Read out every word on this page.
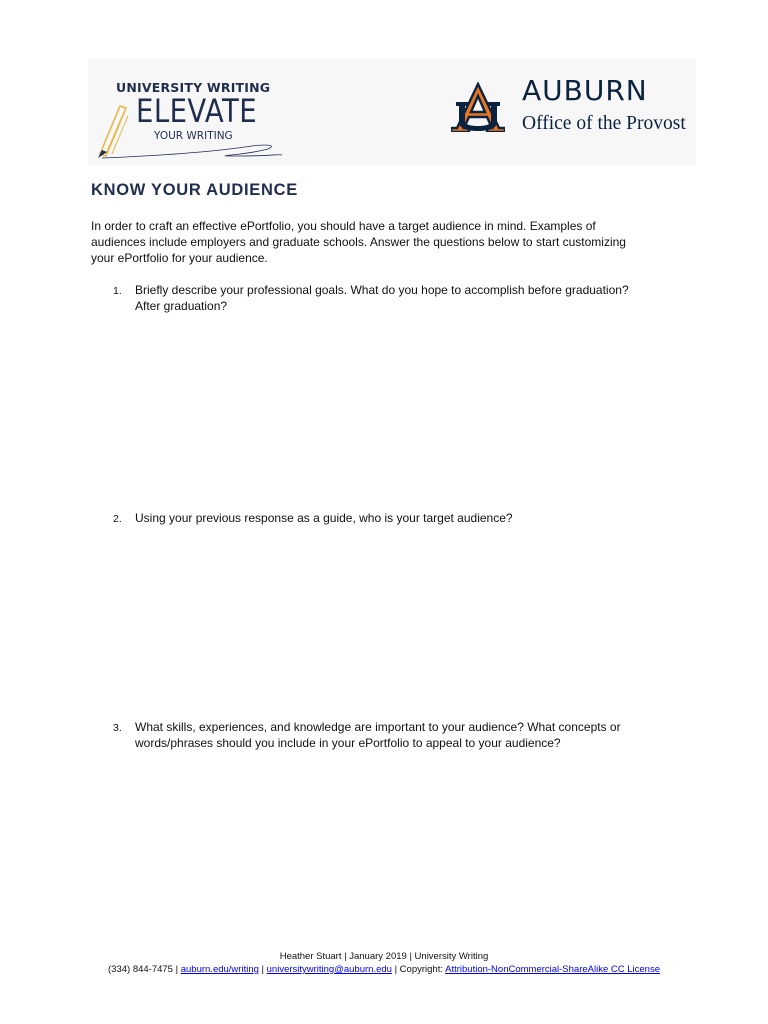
UNIVERSITY WRITING
ELEVATE
YOUR WRITING
AUBURN
Office of the Provost
KNOW YOUR AUDIENCE
In order to craft an effective ePortfolio, you should have a target audience in mind. Examples of
audiences include employers and graduate schools. Answer the questions below to start customizing
your ePortfolio for your audience.
1. Briefly describe your professional goals. What do you hope to accomplish before graduation?
After graduation?
2. Using your previous response as a guide, who is your target audience?
3. What skills, experiences, and knowledge are important to your audience? What concepts or
words/phrases should you include in your ePortfolio to appeal to your audience?
Heather Stuart | January 2019 | University Writing
(334) 844-7475 | auburn.edu/writing | universitywriting@auburn.edu | Copyright: Attribution-NonCommercial-ShareAlike CC License
